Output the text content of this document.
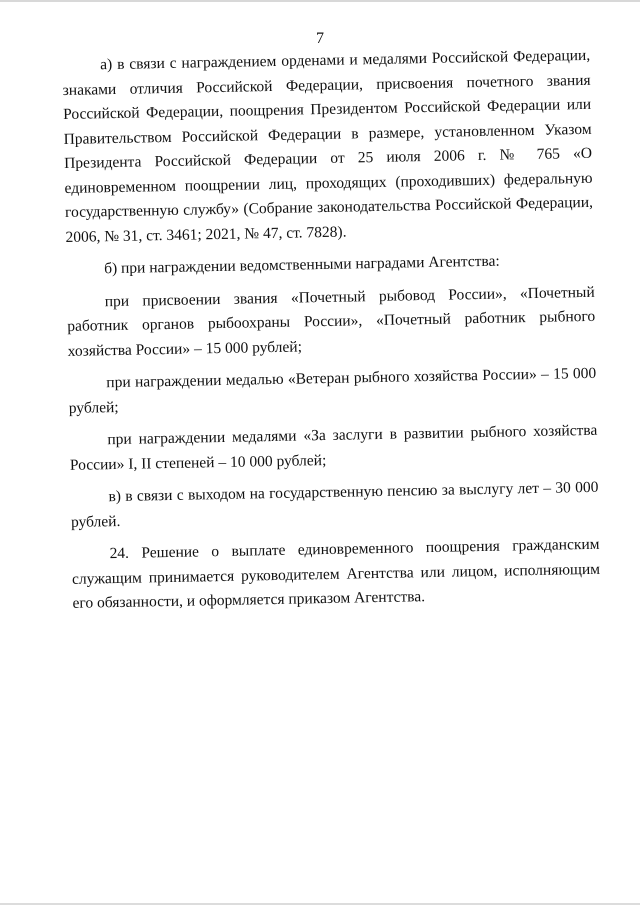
7

а) в связи с награждением орденами и медалями Российской Федерации, знаками отличия Российской Федерации, присвоения почетного звания Российской Федерации, поощрения Президентом Российской Федерации или Правительством Российской Федерации в размере, установленном Указом Президента Российской Федерации от 25 июля 2006 г. № 765 «О единовременном поощрении лиц, проходящих (проходивших) федеральную государственную службу» (Собрание законодательства Российской Федерации, 2006, № 31, ст. 3461; 2021, № 47, ст. 7828).

б) при награждении ведомственными наградами Агентства:

при присвоении звания «Почетный рыбовод России», «Почетный работник органов рыбоохраны России», «Почетный работник рыбного хозяйства России» – 15 000 рублей;

при награждении медалью «Ветеран рыбного хозяйства России» – 15 000 рублей;

при награждении медалями «За заслуги в развитии рыбного хозяйства России» I, II степеней – 10 000 рублей;

в) в связи с выходом на государственную пенсию за выслугу лет – 30 000 рублей.

24. Решение о выплате единовременного поощрения гражданским служащим принимается руководителем Агентства или лицом, исполняющим его обязанности, и оформляется приказом Агентства.
